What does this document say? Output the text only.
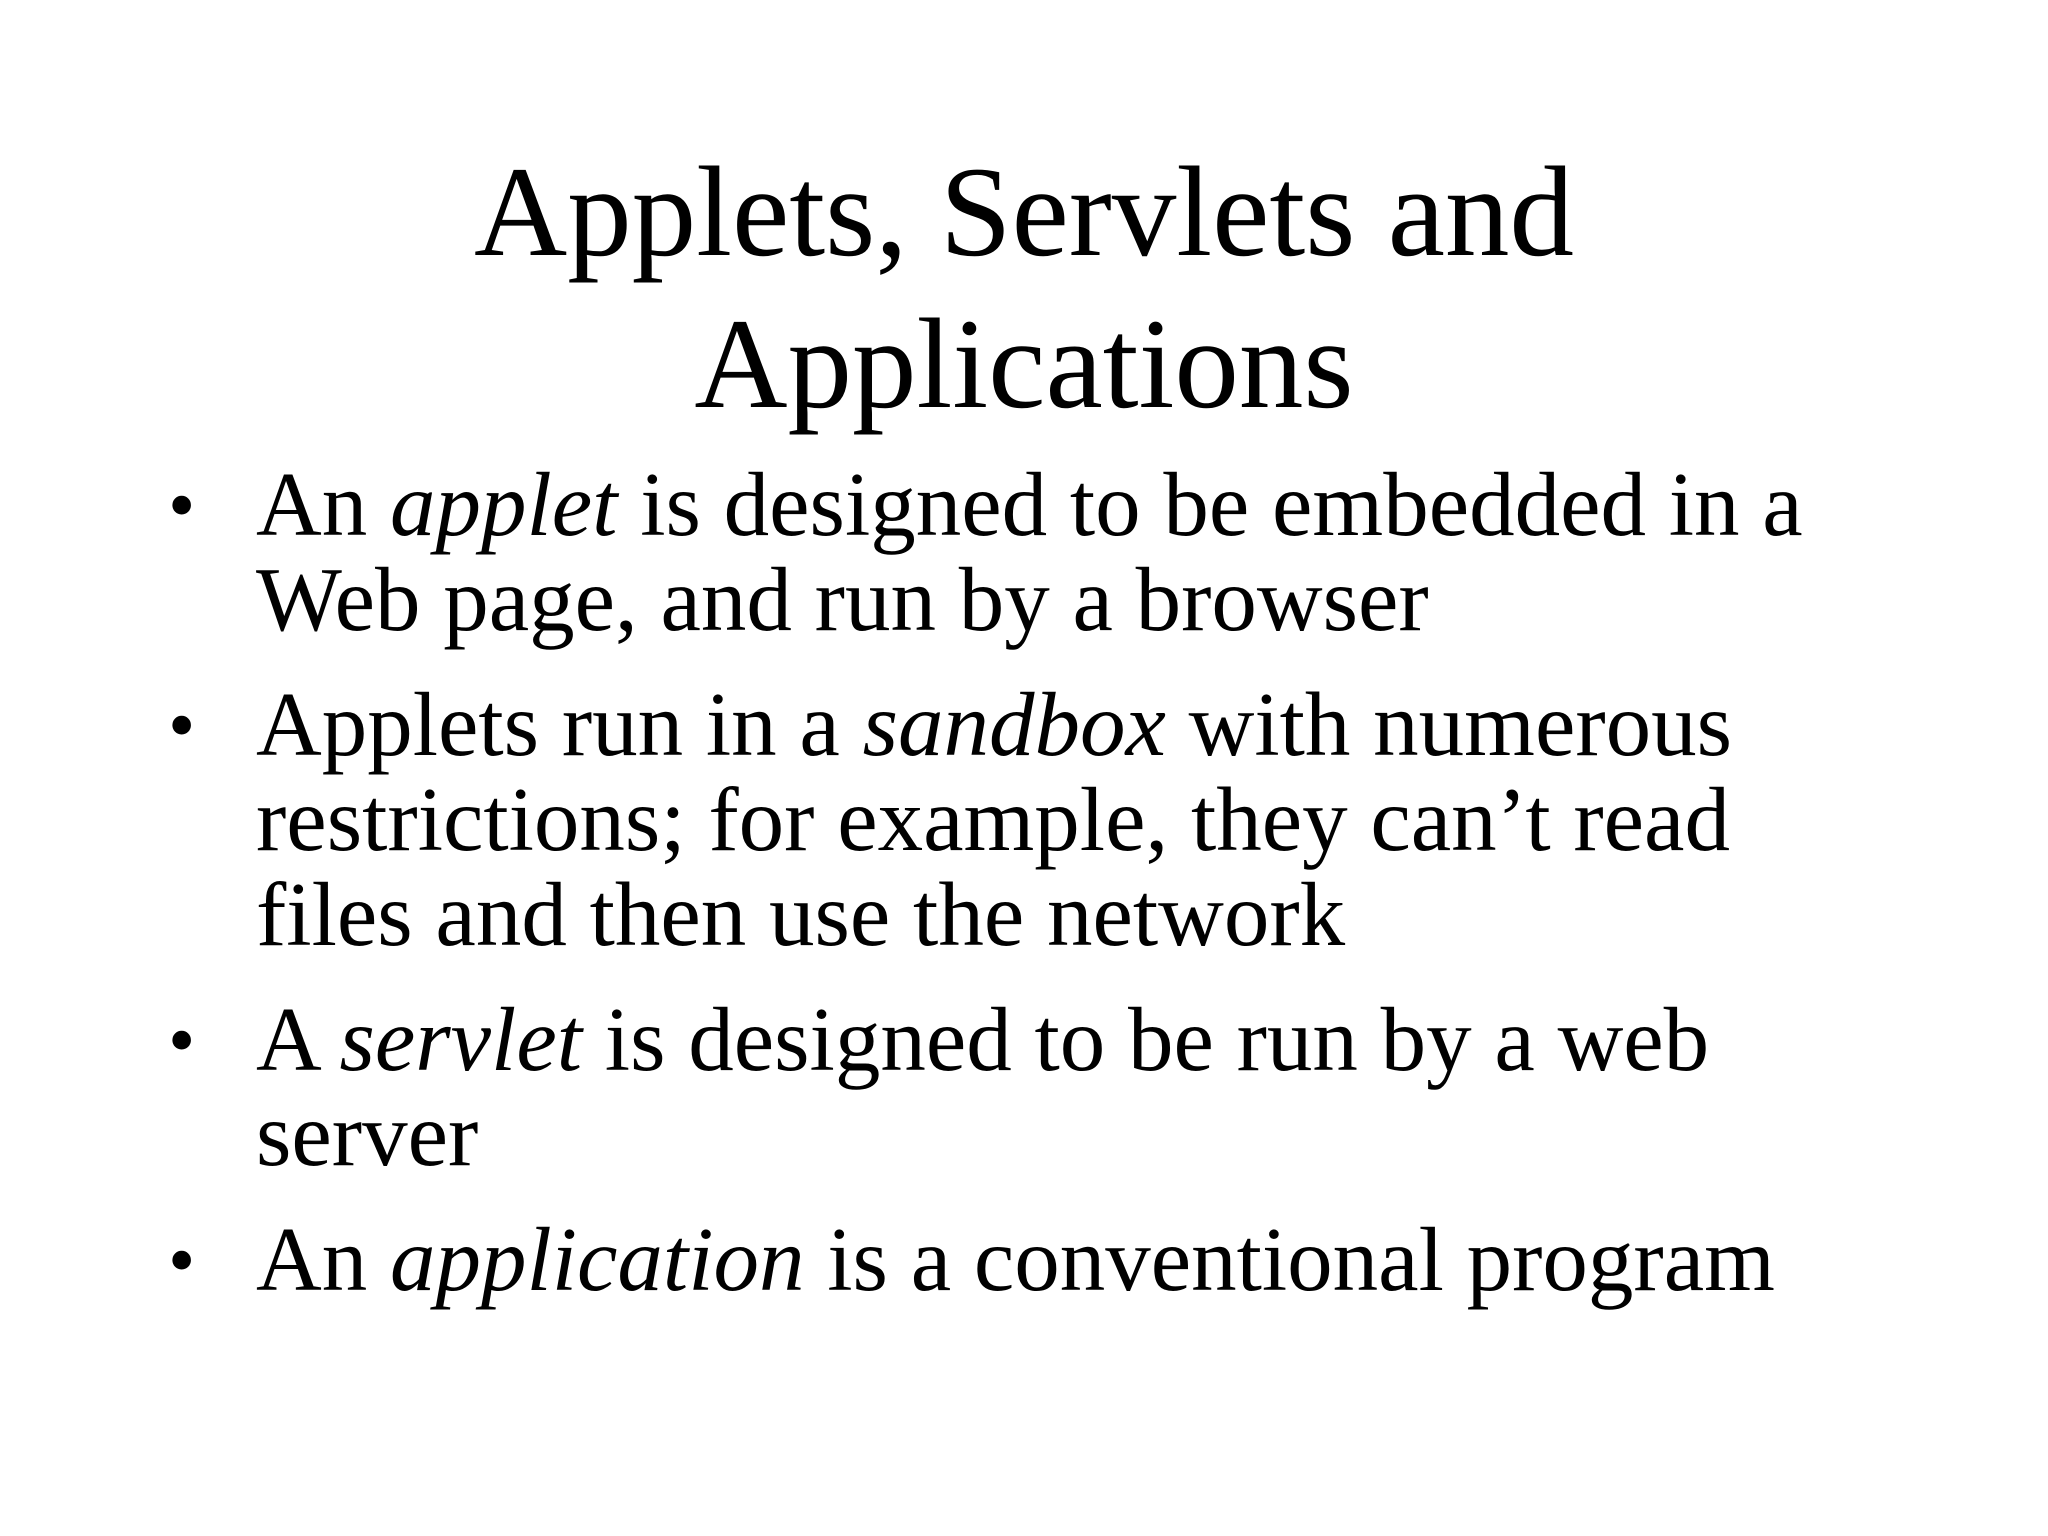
Applets, Servlets and
Applications
• An applet is designed to be embedded in a
Web page, and run by a browser
• Applets run in a sandbox with numerous
restrictions; for example, they can’t read
files and then use the network
• A servlet is designed to be run by a web
server
• An application is a conventional program
